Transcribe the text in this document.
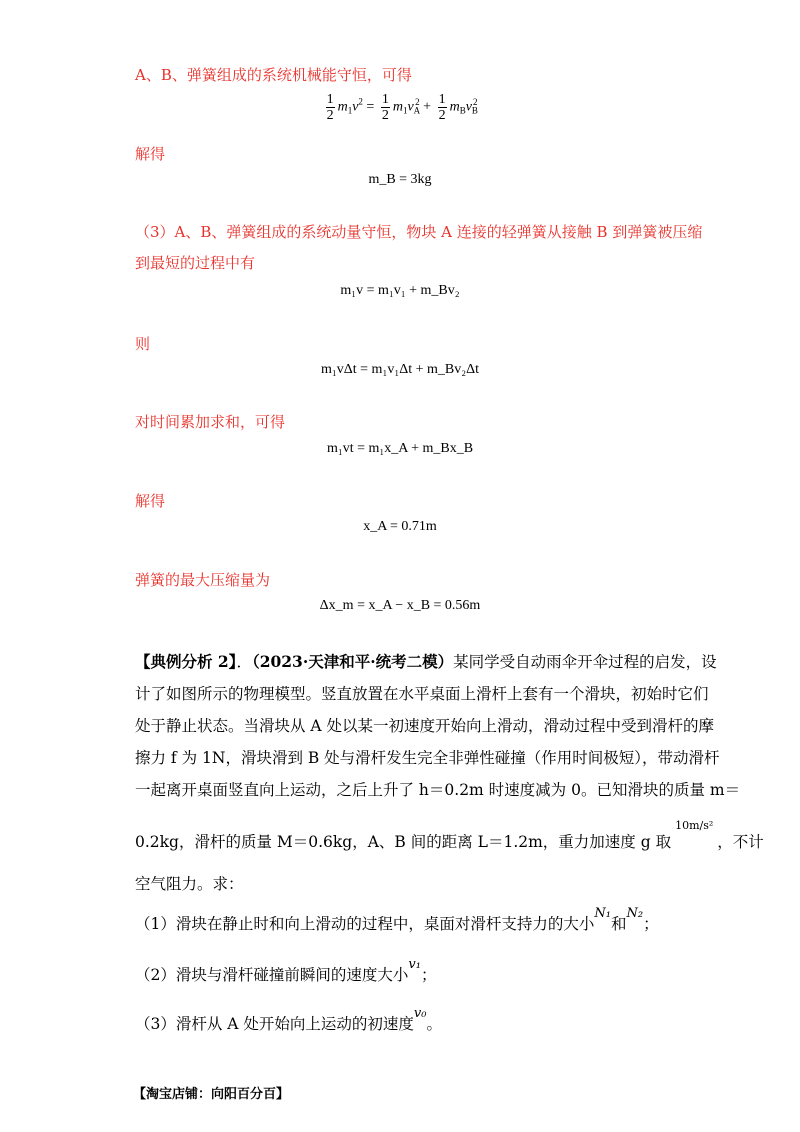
A、B、弹簧组成的系统机械能守恒，可得
$\frac{1}{2} m_1v^2 = \frac{1}{2} m_1v_A^2 + \frac{1}{2} m_Bv_B^2$
解得
m_B = 3kg
（3）A、B、弹簧组成的系统动量守恒，物块 A 连接的轻弹簧从接触 B 到弹簧被压缩
到最短的过程中有
m₁v = m₁v₁ + m_Bv₂
则
m₁vΔt = m₁v₁Δt + m_Bv₂Δt
对时间累加求和，可得
m₁vt = m₁x_A + m_Bx_B
解得
x_A = 0.71m
弹簧的最大压缩量为
Δx_m = x_A − x_B = 0.56m
【典例分析 2】．（2023·天津和平·统考二模）某同学受自动雨伞开伞过程的启发，设
计了如图所示的物理模型。竖直放置在水平桌面上滑杆上套有一个滑块，初始时它们
处于静止状态。当滑块从 A 处以某一初速度开始向上滑动，滑动过程中受到滑杆的摩
擦力 f 为 1N，滑块滑到 B 处与滑杆发生完全非弹性碰撞（作用时间极短），带动滑杆
一起离开桌面竖直向上运动，之后上升了 h＝0.2m 时速度减为 0。已知滑块的质量 m＝
0.2kg，滑杆的质量 M＝0.6kg，A、B 间的距离 L＝1.2m，重力加速度 g 取10m/s²，不计
空气阻力。求：
（1）滑块在静止时和向上滑动的过程中，桌面对滑杆支持力的大小N₁和N₂；
（2）滑块与滑杆碰撞前瞬间的速度大小v₁；
（3）滑杆从 A 处开始向上运动的初速度v₀。
【淘宝店铺：向阳百分百】
